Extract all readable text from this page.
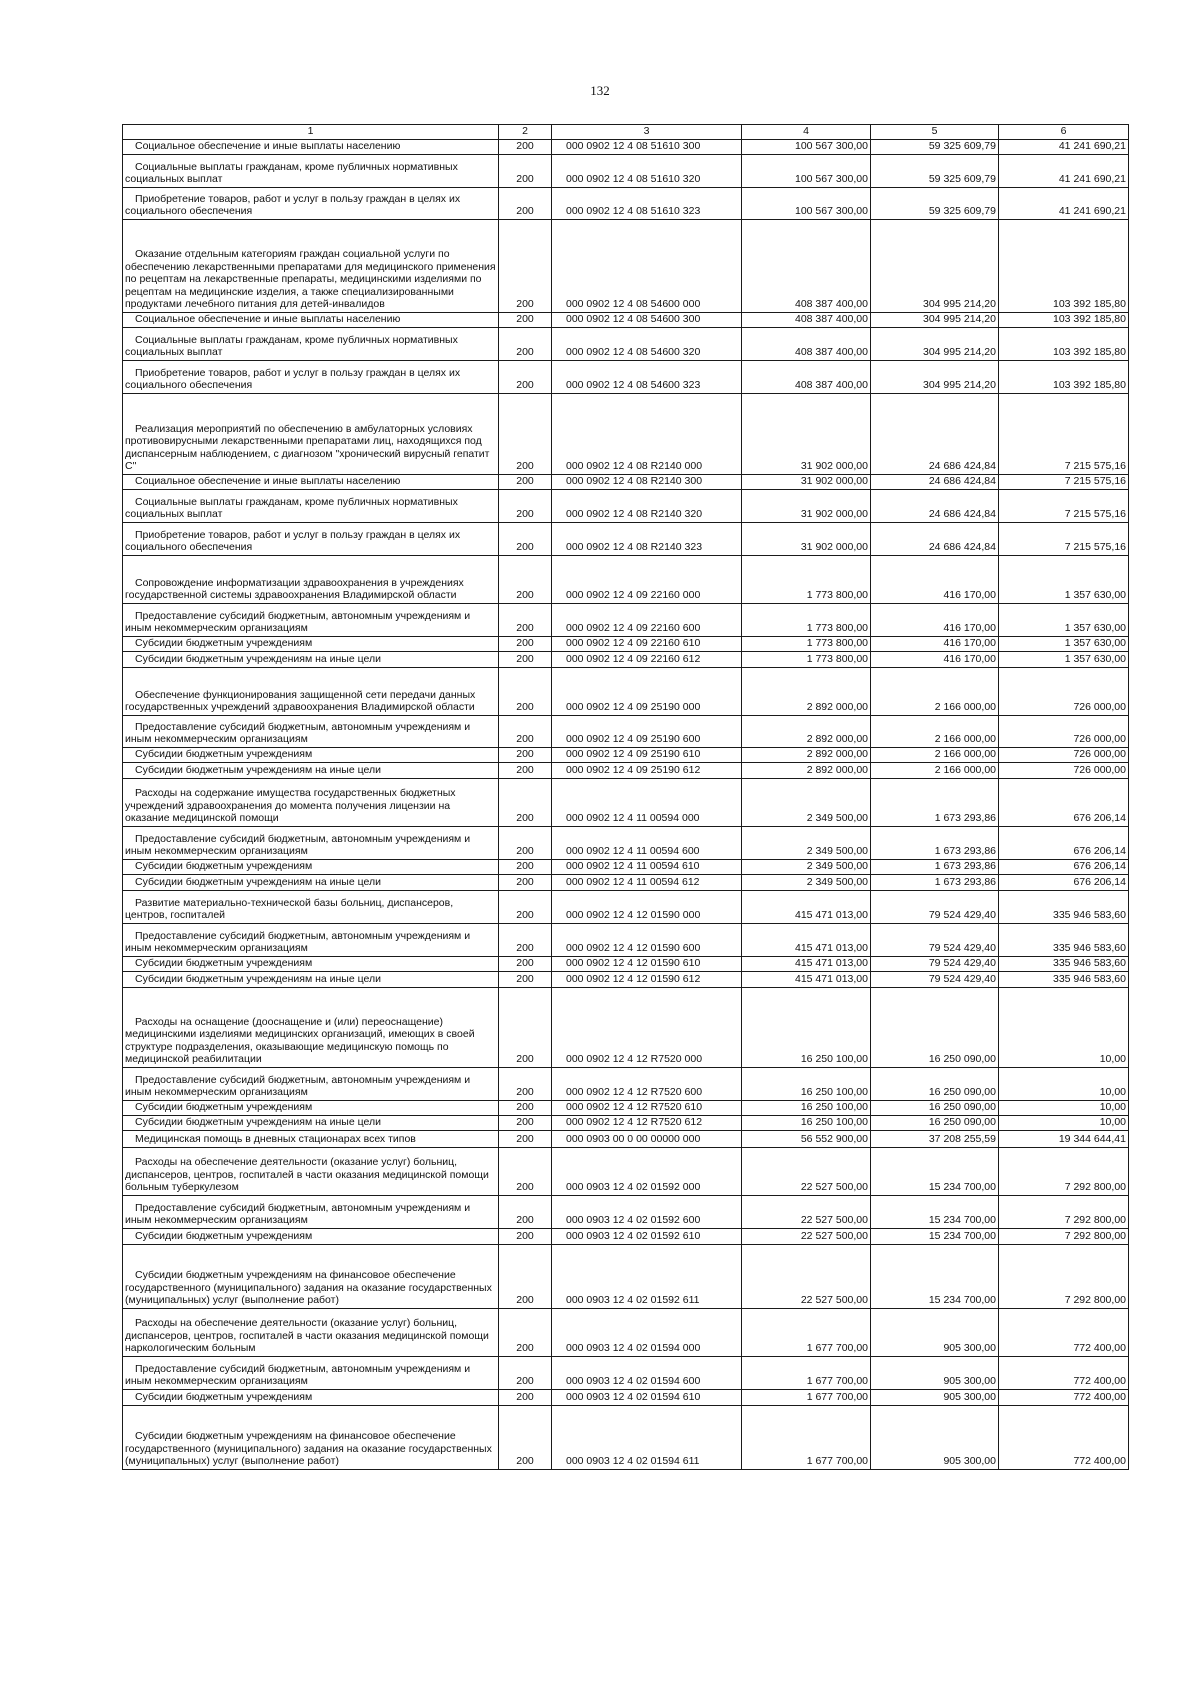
132
1	2	3	4	5	6
Социальное обеспечение и иные выплаты населению	200	000 0902 12 4 08 51610 300	100 567 300,00	59 325 609,79	41 241 690,21
Социальные выплаты гражданам, кроме публичных нормативных социальных выплат	200	000 0902 12 4 08 51610 320	100 567 300,00	59 325 609,79	41 241 690,21
Приобретение товаров, работ и услуг в пользу граждан в целях их социального обеспечения	200	000 0902 12 4 08 51610 323	100 567 300,00	59 325 609,79	41 241 690,21
Оказание отдельным категориям граждан социальной услуги по обеспечению лекарственными препаратами для медицинского применения по рецептам на лекарственные препараты, медицинскими изделиями по рецептам на медицинские изделия, а также специализированными продуктами лечебного питания для детей-инвалидов	200	000 0902 12 4 08 54600 000	408 387 400,00	304 995 214,20	103 392 185,80
Социальное обеспечение и иные выплаты населению	200	000 0902 12 4 08 54600 300	408 387 400,00	304 995 214,20	103 392 185,80
Социальные выплаты гражданам, кроме публичных нормативных социальных выплат	200	000 0902 12 4 08 54600 320	408 387 400,00	304 995 214,20	103 392 185,80
Приобретение товаров, работ и услуг в пользу граждан в целях их социального обеспечения	200	000 0902 12 4 08 54600 323	408 387 400,00	304 995 214,20	103 392 185,80
Реализация мероприятий по обеспечению в амбулаторных условиях противовирусными лекарственными препаратами лиц, находящихся под диспансерным наблюдением, с диагнозом "хронический вирусный гепатит С"	200	000 0902 12 4 08 R2140 000	31 902 000,00	24 686 424,84	7 215 575,16
Социальное обеспечение и иные выплаты населению	200	000 0902 12 4 08 R2140 300	31 902 000,00	24 686 424,84	7 215 575,16
Социальные выплаты гражданам, кроме публичных нормативных социальных выплат	200	000 0902 12 4 08 R2140 320	31 902 000,00	24 686 424,84	7 215 575,16
Приобретение товаров, работ и услуг в пользу граждан в целях их социального обеспечения	200	000 0902 12 4 08 R2140 323	31 902 000,00	24 686 424,84	7 215 575,16
Сопровождение информатизации здравоохранения в учреждениях государственной системы здравоохранения Владимирской области	200	000 0902 12 4 09 22160 000	1 773 800,00	416 170,00	1 357 630,00
Предоставление субсидий бюджетным, автономным учреждениям и иным некоммерческим организациям	200	000 0902 12 4 09 22160 600	1 773 800,00	416 170,00	1 357 630,00
Субсидии бюджетным учреждениям	200	000 0902 12 4 09 22160 610	1 773 800,00	416 170,00	1 357 630,00
Субсидии бюджетным учреждениям на иные цели	200	000 0902 12 4 09 22160 612	1 773 800,00	416 170,00	1 357 630,00
Обеспечение функционирования защищенной сети передачи данных государственных учреждений здравоохранения Владимирской области	200	000 0902 12 4 09 25190 000	2 892 000,00	2 166 000,00	726 000,00
Предоставление субсидий бюджетным, автономным учреждениям и иным некоммерческим организациям	200	000 0902 12 4 09 25190 600	2 892 000,00	2 166 000,00	726 000,00
Субсидии бюджетным учреждениям	200	000 0902 12 4 09 25190 610	2 892 000,00	2 166 000,00	726 000,00
Субсидии бюджетным учреждениям на иные цели	200	000 0902 12 4 09 25190 612	2 892 000,00	2 166 000,00	726 000,00
Расходы на содержание имущества государственных бюджетных учреждений здравоохранения до момента получения лицензии на оказание медицинской помощи	200	000 0902 12 4 11 00594 000	2 349 500,00	1 673 293,86	676 206,14
Предоставление субсидий бюджетным, автономным учреждениям и иным некоммерческим организациям	200	000 0902 12 4 11 00594 600	2 349 500,00	1 673 293,86	676 206,14
Субсидии бюджетным учреждениям	200	000 0902 12 4 11 00594 610	2 349 500,00	1 673 293,86	676 206,14
Субсидии бюджетным учреждениям на иные цели	200	000 0902 12 4 11 00594 612	2 349 500,00	1 673 293,86	676 206,14
Развитие материально-технической базы больниц, диспансеров, центров, госпиталей	200	000 0902 12 4 12 01590 000	415 471 013,00	79 524 429,40	335 946 583,60
Предоставление субсидий бюджетным, автономным учреждениям и иным некоммерческим организациям	200	000 0902 12 4 12 01590 600	415 471 013,00	79 524 429,40	335 946 583,60
Субсидии бюджетным учреждениям	200	000 0902 12 4 12 01590 610	415 471 013,00	79 524 429,40	335 946 583,60
Субсидии бюджетным учреждениям на иные цели	200	000 0902 12 4 12 01590 612	415 471 013,00	79 524 429,40	335 946 583,60
Расходы на оснащение (дооснащение и (или) переоснащение) медицинскими изделиями медицинских организаций, имеющих в своей структуре подразделения, оказывающие медицинскую помощь по медицинской реабилитации	200	000 0902 12 4 12 R7520 000	16 250 100,00	16 250 090,00	10,00
Предоставление субсидий бюджетным, автономным учреждениям и иным некоммерческим организациям	200	000 0902 12 4 12 R7520 600	16 250 100,00	16 250 090,00	10,00
Субсидии бюджетным учреждениям	200	000 0902 12 4 12 R7520 610	16 250 100,00	16 250 090,00	10,00
Субсидии бюджетным учреждениям на иные цели	200	000 0902 12 4 12 R7520 612	16 250 100,00	16 250 090,00	10,00
Медицинская помощь в дневных стационарах всех типов	200	000 0903 00 0 00 00000 000	56 552 900,00	37 208 255,59	19 344 644,41
Расходы на обеспечение деятельности (оказание услуг) больниц, диспансеров, центров, госпиталей в части оказания медицинской помощи больным туберкулезом	200	000 0903 12 4 02 01592 000	22 527 500,00	15 234 700,00	7 292 800,00
Предоставление субсидий бюджетным, автономным учреждениям и иным некоммерческим организациям	200	000 0903 12 4 02 01592 600	22 527 500,00	15 234 700,00	7 292 800,00
Субсидии бюджетным учреждениям	200	000 0903 12 4 02 01592 610	22 527 500,00	15 234 700,00	7 292 800,00
Субсидии бюджетным учреждениям на финансовое обеспечение государственного (муниципального) задания на оказание государственных (муниципальных) услуг (выполнение работ)	200	000 0903 12 4 02 01592 611	22 527 500,00	15 234 700,00	7 292 800,00
Расходы на обеспечение деятельности (оказание услуг) больниц, диспансеров, центров, госпиталей в части оказания медицинской помощи наркологическим больным	200	000 0903 12 4 02 01594 000	1 677 700,00	905 300,00	772 400,00
Предоставление субсидий бюджетным, автономным учреждениям и иным некоммерческим организациям	200	000 0903 12 4 02 01594 600	1 677 700,00	905 300,00	772 400,00
Субсидии бюджетным учреждениям	200	000 0903 12 4 02 01594 610	1 677 700,00	905 300,00	772 400,00
Субсидии бюджетным учреждениям на финансовое обеспечение государственного (муниципального) задания на оказание государственных (муниципальных) услуг (выполнение работ)	200	000 0903 12 4 02 01594 611	1 677 700,00	905 300,00	772 400,00
